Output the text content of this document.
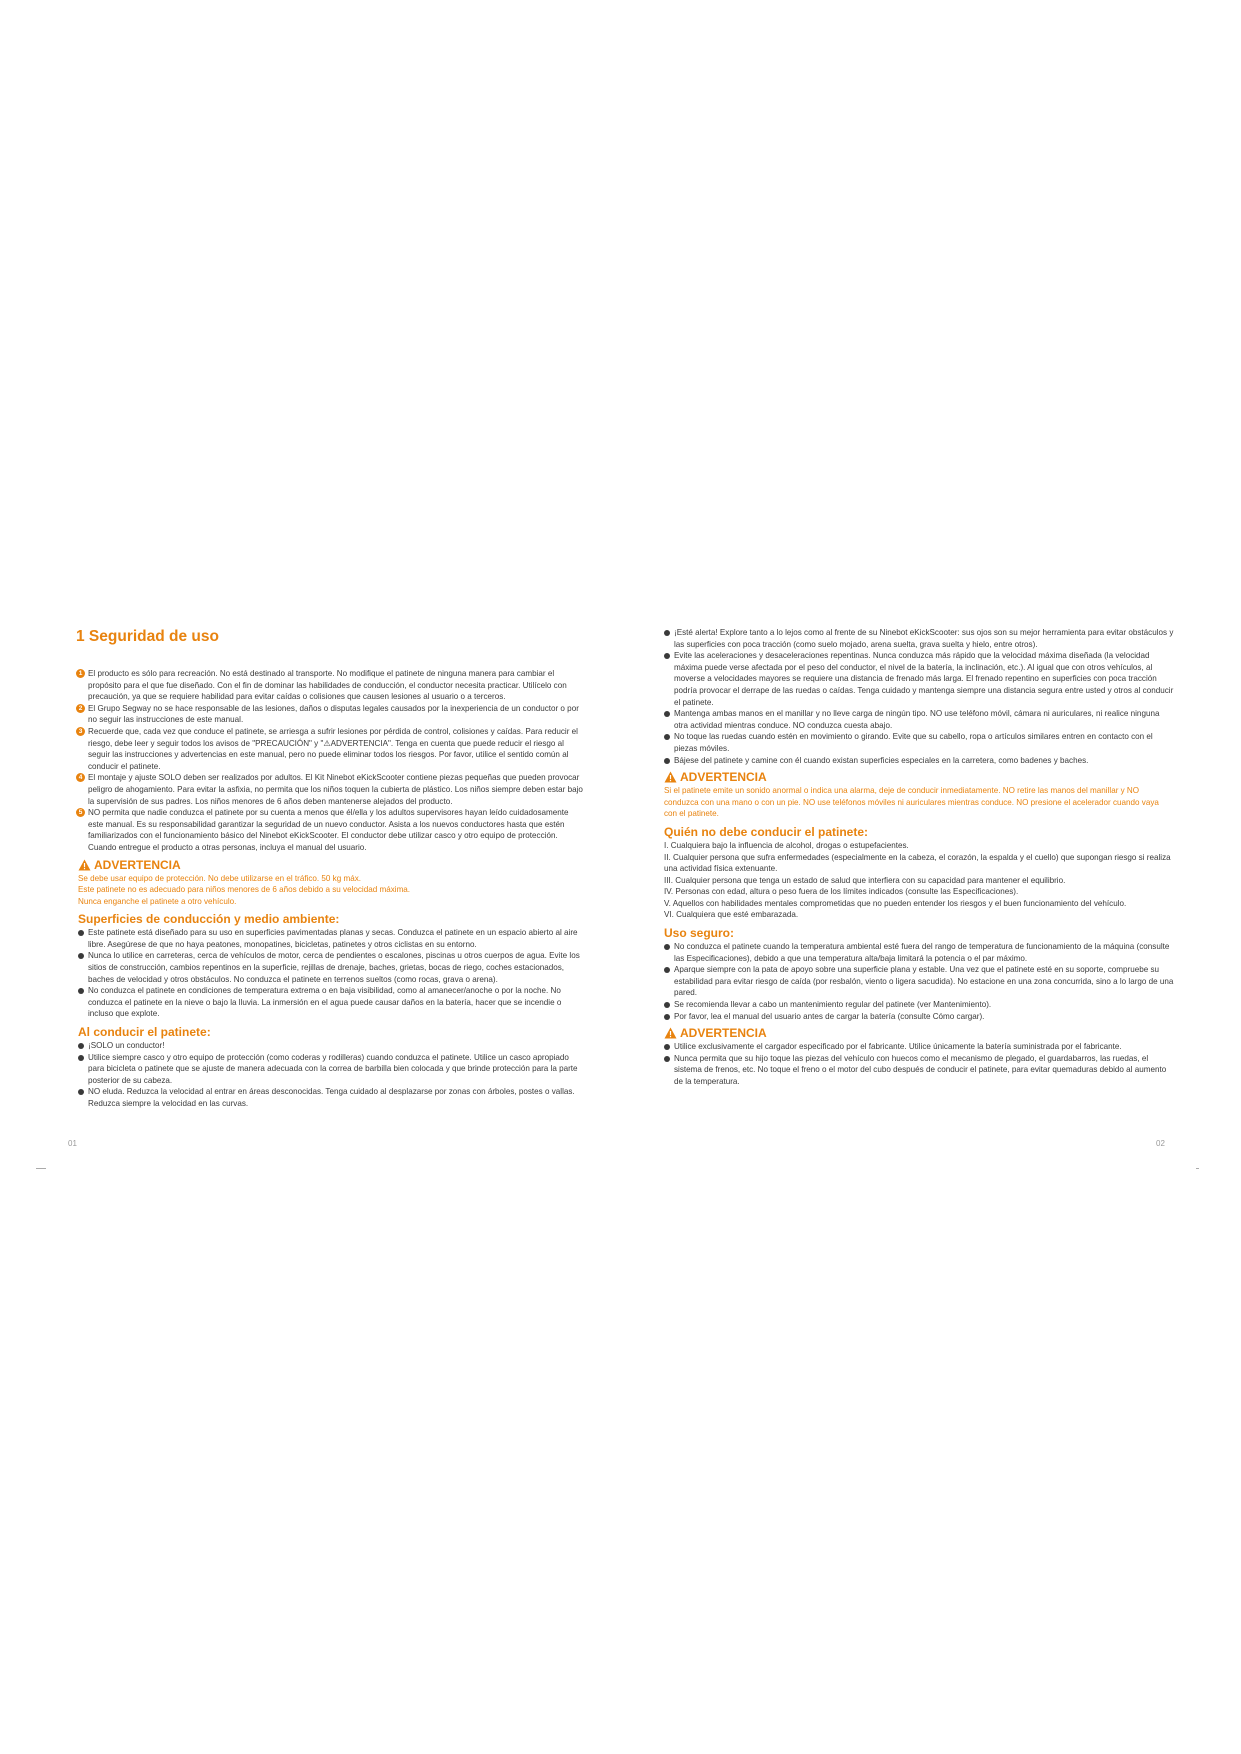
1 Seguridad de uso
1 El producto es sólo para recreación. No está destinado al transporte. No modifique el patinete de ninguna manera para cambiar el propósito para el que fue diseñado. Con el fin de dominar las habilidades de conducción, el conductor necesita practicar. Utilícelo con precaución, ya que se requiere habilidad para evitar caídas o colisiones que causen lesiones al usuario o a terceros.
2 El Grupo Segway no se hace responsable de las lesiones, daños o disputas legales causados por la inexperiencia de un conductor o por no seguir las instrucciones de este manual.
3 Recuerde que, cada vez que conduce el patinete, se arriesga a sufrir lesiones por pérdida de control, colisiones y caídas. Para reducir el riesgo, debe leer y seguir todos los avisos de "PRECAUCIÓN" y "⚠ADVERTENCIA". Tenga en cuenta que puede reducir el riesgo al seguir las instrucciones y advertencias en este manual, pero no puede eliminar todos los riesgos. Por favor, utilice el sentido común al conducir el patinete.
4 El montaje y ajuste SOLO deben ser realizados por adultos. El Kit Ninebot eKickScooter contiene piezas pequeñas que pueden provocar peligro de ahogamiento. Para evitar la asfixia, no permita que los niños toquen la cubierta de plástico. Los niños siempre deben estar bajo la supervisión de sus padres. Los niños menores de 6 años deben mantenerse alejados del producto.
5 NO permita que nadie conduzca el patinete por su cuenta a menos que él/ella y los adultos supervisores hayan leído cuidadosamente este manual. Es su responsabilidad garantizar la seguridad de un nuevo conductor. Asista a los nuevos conductores hasta que estén familiarizados con el funcionamiento básico del Ninebot eKickScooter. El conductor debe utilizar casco y otro equipo de protección. Cuando entregue el producto a otras personas, incluya el manual del usuario.
ADVERTENCIA

Se debe usar equipo de protección. No debe utilizarse en el tráfico. 50 kg máx.

Este patinete no es adecuado para niños menores de 6 años debido a su velocidad máxima.

Nunca enganche el patinete a otro vehículo.

Superficies de conducción y medio ambiente:
Este patinete está diseñado para su uso en superficies pavimentadas planas y secas. Conduzca el patinete en un espacio abierto al aire libre. Asegúrese de que no haya peatones, monopatines, bicicletas, patinetes y otros ciclistas en su entorno.
Nunca lo utilice en carreteras, cerca de vehículos de motor, cerca de pendientes o escalones, piscinas u otros cuerpos de agua. Evite los sitios de construcción, cambios repentinos en la superficie, rejillas de drenaje, baches, grietas, bocas de riego, coches estacionados, baches de velocidad y otros obstáculos. No conduzca el patinete en terrenos sueltos (como rocas, grava o arena).
No conduzca el patinete en condiciones de temperatura extrema o en baja visibilidad, como al amanecer/anoche o por la noche. No conduzca el patinete en la nieve o bajo la lluvia. La inmersión en el agua puede causar daños en la batería, hacer que se incendie o incluso que explote.
Al conducir el patinete:
¡SOLO un conductor!
Utilice siempre casco y otro equipo de protección (como coderas y rodilleras) cuando conduzca el patinete. Utilice un casco apropiado para bicicleta o patinete que se ajuste de manera adecuada con la correa de barbilla bien colocada y que brinde protección para la parte posterior de su cabeza.
NO eluda. Reduzca la velocidad al entrar en áreas desconocidas. Tenga cuidado al desplazarse por zonas con árboles, postes o vallas. Reduzca siempre la velocidad en las curvas.
¡Esté alerta! Explore tanto a lo lejos como al frente de su Ninebot eKickScooter: sus ojos son su mejor herramienta para evitar obstáculos y las superficies con poca tracción (como suelo mojado, arena suelta, grava suelta y hielo, entre otros).
Evite las aceleraciones y desaceleraciones repentinas. Nunca conduzca más rápido que la velocidad máxima diseñada (la velocidad máxima puede verse afectada por el peso del conductor, el nivel de la batería, la inclinación, etc.). Al igual que con otros vehículos, al moverse a velocidades mayores se requiere una distancia de frenado más larga. El frenado repentino en superficies con poca tracción podría provocar el derrape de las ruedas o caídas. Tenga cuidado y mantenga siempre una distancia segura entre usted y otros al conducir el patinete.
Mantenga ambas manos en el manillar y no lleve carga de ningún tipo. NO use teléfono móvil, cámara ni auriculares, ni realice ninguna otra actividad mientras conduce. NO conduzca cuesta abajo.
No toque las ruedas cuando estén en movimiento o girando. Evite que su cabello, ropa o artículos similares entren en contacto con el piezas móviles.
Bájese del patinete y camine con él cuando existan superficies especiales en la carretera, como badenes y baches.
ADVERTENCIA

Si el patinete emite un sonido anormal o indica una alarma, deje de conducir inmediatamente. NO retire las manos del manillar y NO conduzca con una mano o con un pie. NO use teléfonos móviles ni auriculares mientras conduce. NO presione el acelerador cuando vaya con el patinete.

Quién no debe conducir el patinete:
I. Cualquiera bajo la influencia de alcohol, drogas o estupefacientes.
II. Cualquier persona que sufra enfermedades (especialmente en la cabeza, el corazón, la espalda y el cuello) que supongan riesgo si realiza una actividad física extenuante.
III. Cualquier persona que tenga un estado de salud que interfiera con su capacidad para mantener el equilibrio.
IV. Personas con edad, altura o peso fuera de los límites indicados (consulte las Especificaciones).
V. Aquellos con habilidades mentales comprometidas que no pueden entender los riesgos y el buen funcionamiento del vehículo.
VI. Cualquiera que esté embarazada.
Uso seguro:
No conduzca el patinete cuando la temperatura ambiental esté fuera del rango de temperatura de funcionamiento de la máquina (consulte las Especificaciones), debido a que una temperatura alta/baja limitará la potencia o el par máximo.
Aparque siempre con la pata de apoyo sobre una superficie plana y estable. Una vez que el patinete esté en su soporte, compruebe su estabilidad para evitar riesgo de caída (por resbalón, viento o ligera sacudida). No estacione en una zona concurrida, sino a lo largo de una pared.
Se recomienda llevar a cabo un mantenimiento regular del patinete (ver Mantenimiento).
Por favor, lea el manual del usuario antes de cargar la batería (consulte Cómo cargar).
ADVERTENCIA
Utilice exclusivamente el cargador especificado por el fabricante. Utilice únicamente la batería suministrada por el fabricante.
Nunca permita que su hijo toque las piezas del vehículo con huecos como el mecanismo de plegado, el guardabarros, las ruedas, el sistema de frenos, etc. No toque el freno o el motor del cubo después de conducir el patinete, para evitar quemaduras debido al aumento de la temperatura.
01	02
